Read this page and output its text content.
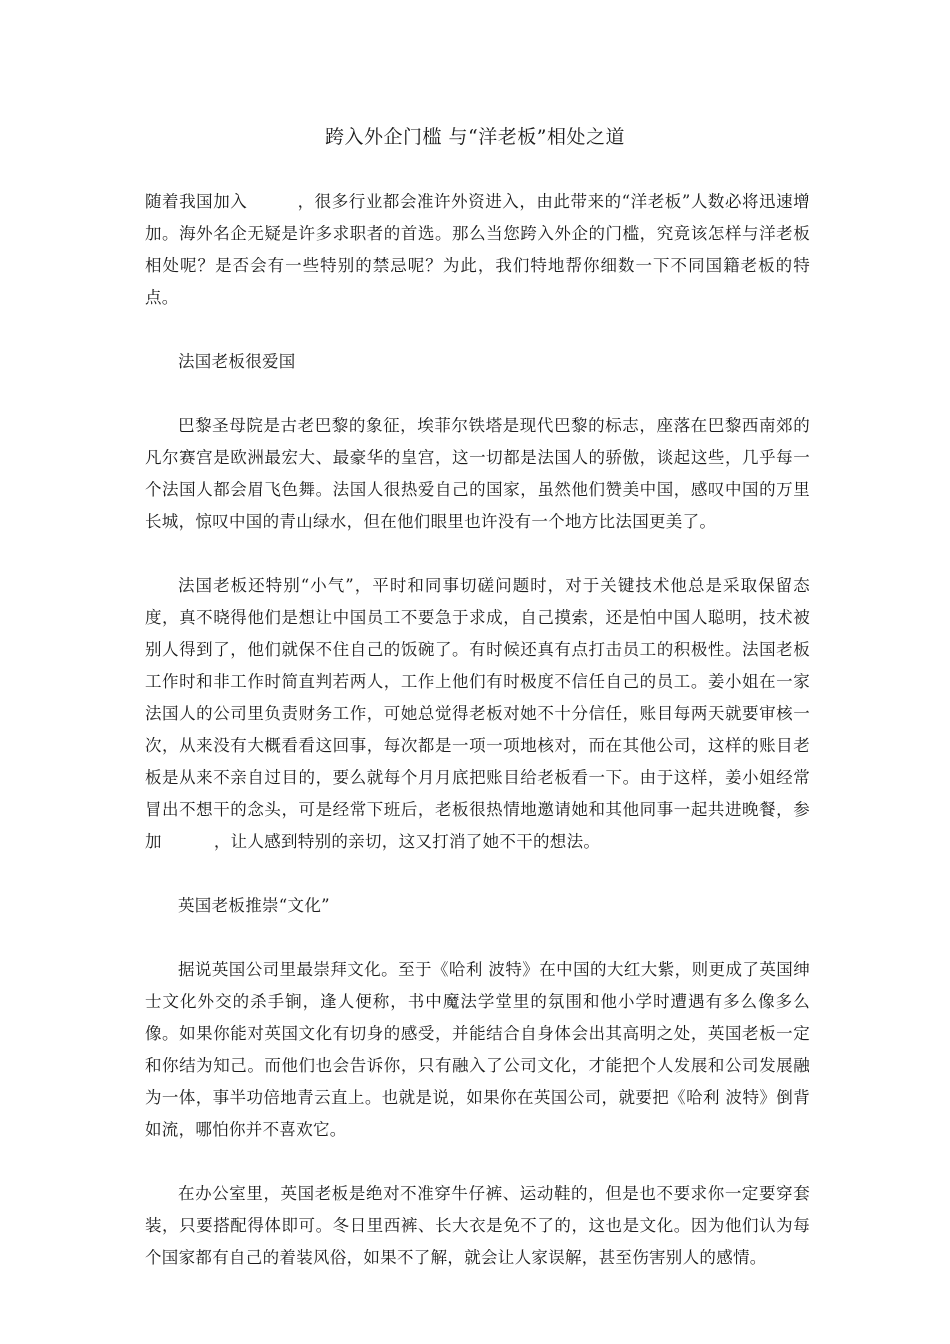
跨入外企门槛 与“洋老板”相处之道

随着我国加入	，很多行业都会准许外资进入，由此带来的“洋老板”人数必将迅速增加。海外名企无疑是许多求职者的首选。那么当您跨入外企的门槛，究竟该怎样与洋老板相处呢？是否会有一些特别的禁忌呢？为此，我们特地帮你细数一下不同国籍老板的特点。

法国老板很爱国

巴黎圣母院是古老巴黎的象征，埃菲尔铁塔是现代巴黎的标志，座落在巴黎西南郊的凡尔赛宫是欧洲最宏大、最豪华的皇宫，这一切都是法国人的骄傲，谈起这些，几乎每一个法国人都会眉飞色舞。法国人很热爱自己的国家，虽然他们赞美中国，感叹中国的万里长城，惊叹中国的青山绿水，但在他们眼里也许没有一个地方比法国更美了。

法国老板还特别“小气”，平时和同事切磋问题时，对于关键技术他总是采取保留态度，真不晓得他们是想让中国员工不要急于求成，自己摸索，还是怕中国人聪明，技术被别人得到了，他们就保不住自己的饭碗了。有时候还真有点打击员工的积极性。法国老板工作时和非工作时简直判若两人，工作上他们有时极度不信任自己的员工。姜小姐在一家法国人的公司里负责财务工作，可她总觉得老板对她不十分信任，账目每两天就要审核一次，从来没有大概看看这回事，每次都是一项一项地核对，而在其他公司，这样的账目老板是从来不亲自过目的，要么就每个月月底把账目给老板看一下。由于这样，姜小姐经常冒出不想干的念头，可是经常下班后，老板很热情地邀请她和其他同事一起共进晚餐，参加	，让人感到特别的亲切，这又打消了她不干的想法。

英国老板推崇“文化”

据说英国公司里最崇拜文化。至于《哈利 波特》在中国的大红大紫，则更成了英国绅士文化外交的杀手锏，逢人便称，书中魔法学堂里的氛围和他小学时遭遇有多么像多么像。如果你能对英国文化有切身的感受，并能结合自身体会出其高明之处，英国老板一定和你结为知己。而他们也会告诉你，只有融入了公司文化，才能把个人发展和公司发展融为一体，事半功倍地青云直上。也就是说，如果你在英国公司，就要把《哈利 波特》倒背如流，哪怕你并不喜欢它。

在办公室里，英国老板是绝对不准穿牛仔裤、运动鞋的，但是也不要求你一定要穿套装，只要搭配得体即可。冬日里西裤、长大衣是免不了的，这也是文化。因为他们认为每个国家都有自己的着装风俗，如果不了解，就会让人家误解，甚至伤害别人的感情。
